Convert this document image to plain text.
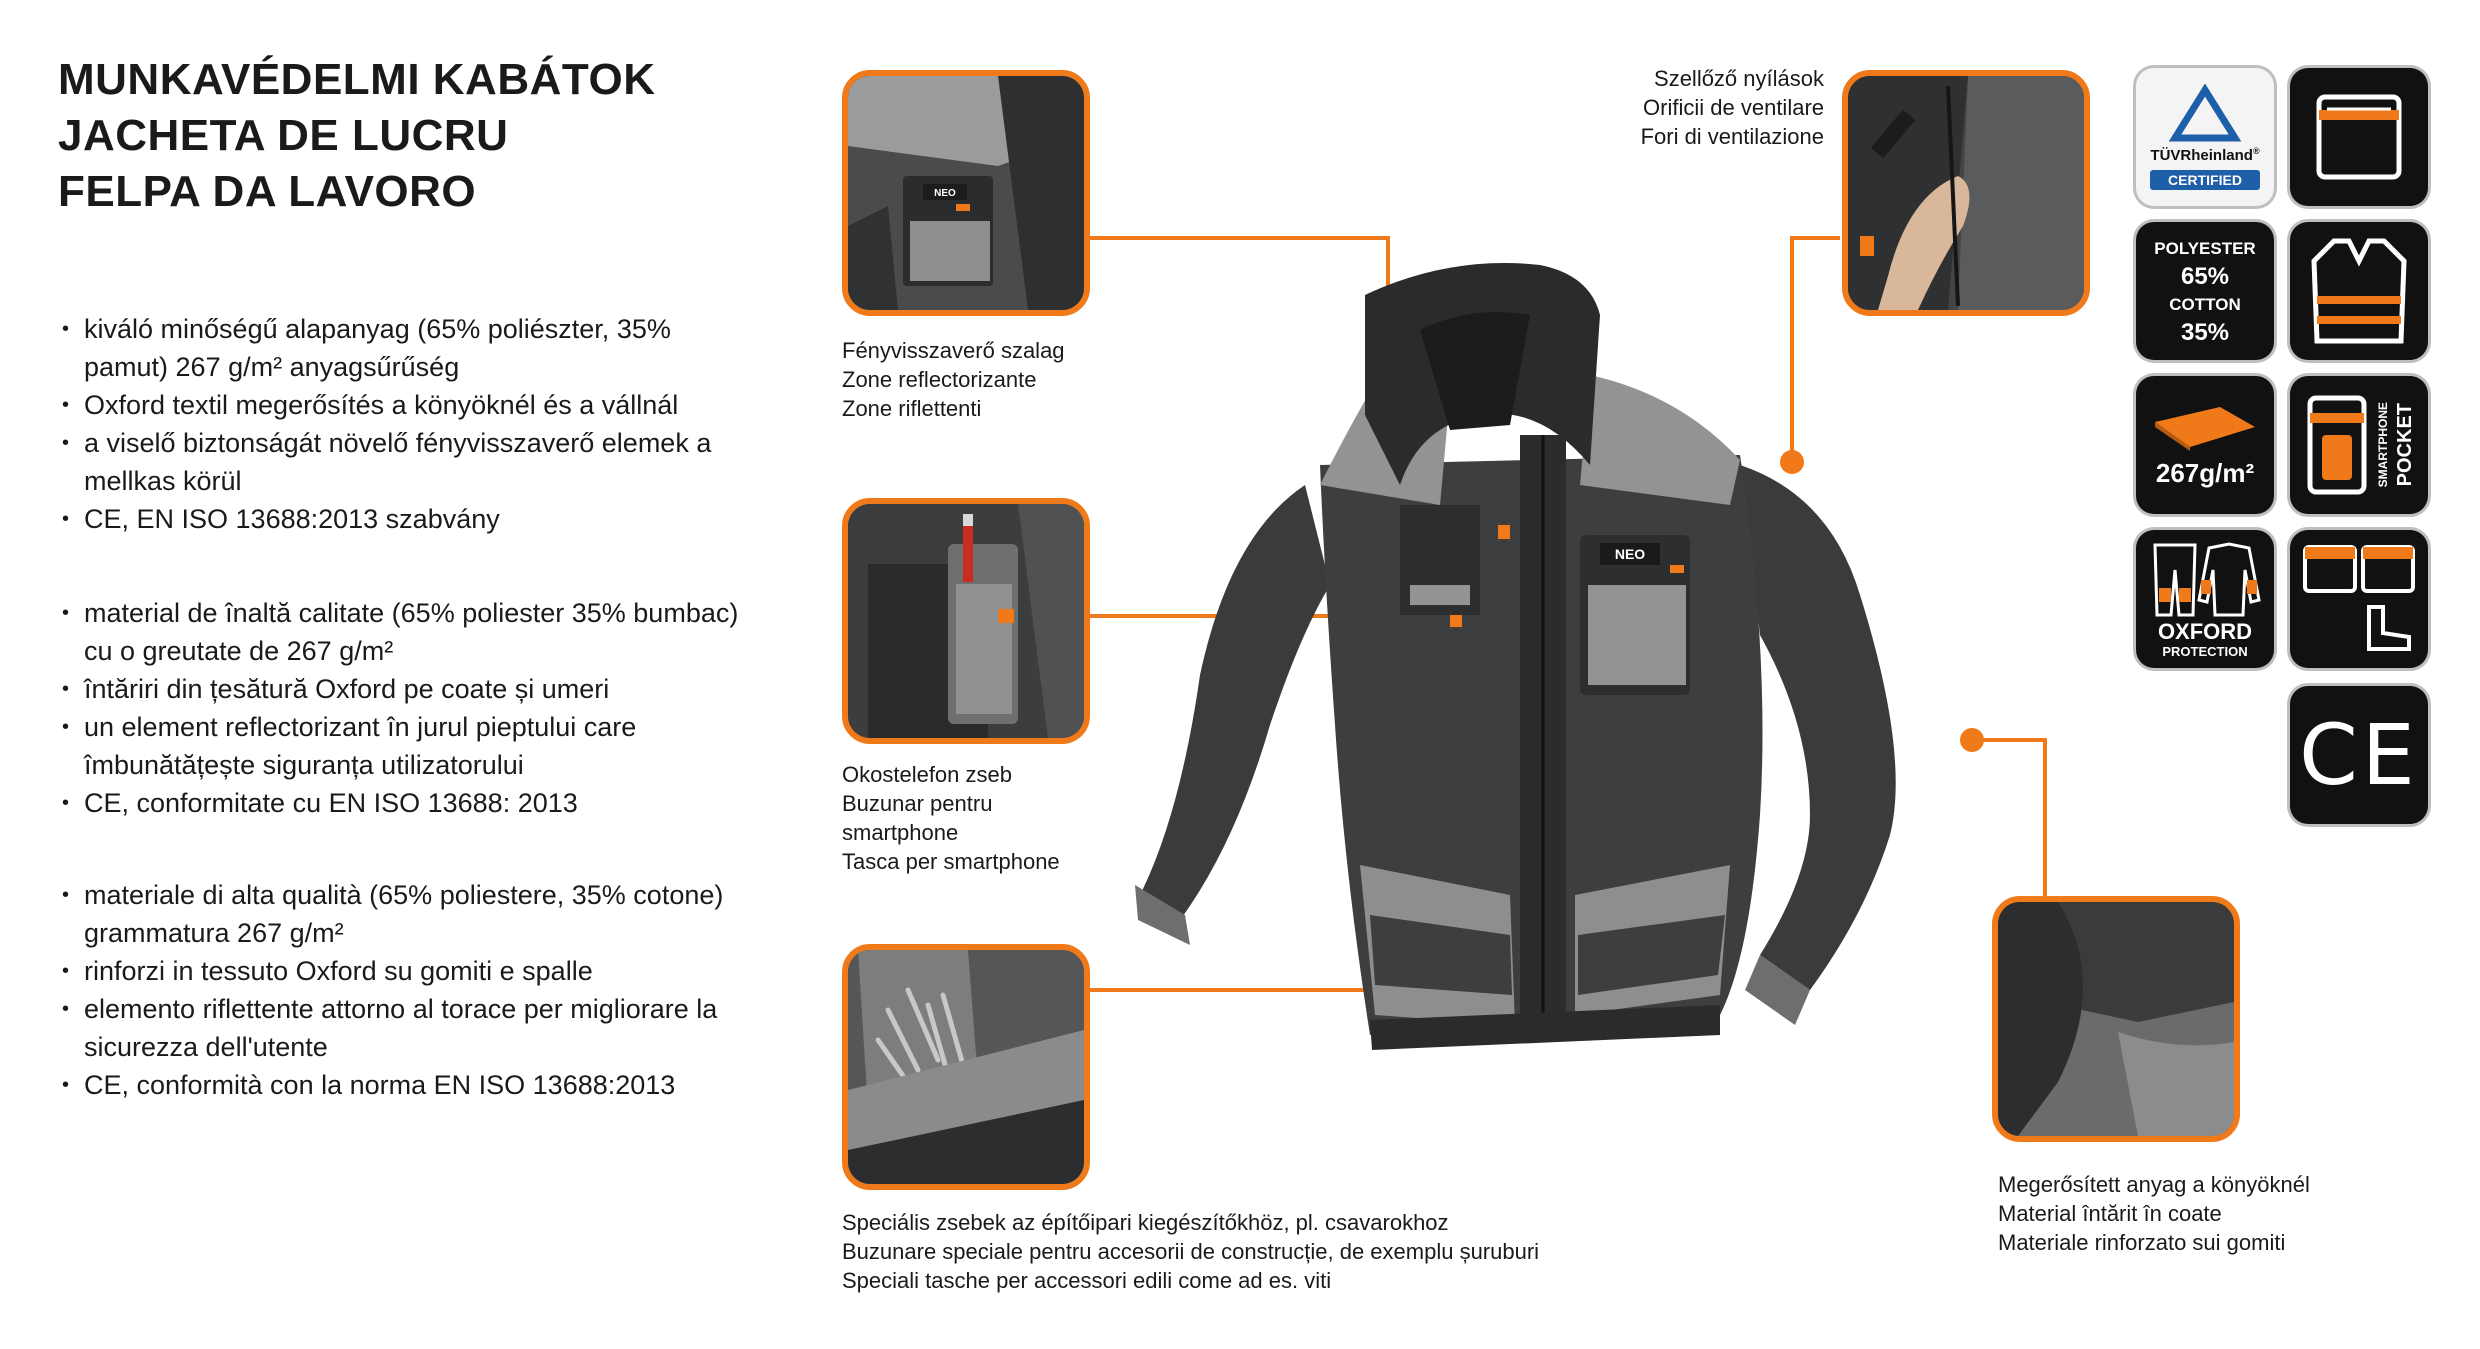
MUNKAVÉDELMI KABÁTOK
JACHETA DE LUCRU
FELPA DA LAVORO
• kiváló minőségű alapanyag (65% poliészter, 35% pamut) 267 g/m² anyagsűrűség
• Oxford textil megerősítés a könyöknél és a vállnál
• a viselő biztonságát növelő fényvisszaverő elemek a mellkas körül
• CE, EN ISO 13688:2013 szabvány
• material de înaltă calitate (65% poliester 35% bumbac) cu o greutate de 267 g/m²
• întăriri din țesătură Oxford pe coate și umeri
• un element reflectorizant în jurul pieptului care îmbunătățește siguranța utilizatorului
• CE, conformitate cu EN ISO 13688: 2013
• materiale di alta qualità (65% poliestere, 35% cotone) grammatura 267 g/m²
• rinforzi in tessuto Oxford su gomiti e spalle
• elemento riflettente attorno al torace per migliorare la sicurezza dell'utente
• CE, conformità con la norma EN ISO 13688:2013
NEO
NEO
Fényvisszaverő szalag
Zone reflectorizante
Zone riflettenti
Okostelefon zseb
Buzunar pentru
smartphone
Tasca per smartphone
Speciális zsebek az építőipari kiegészítőkhöz, pl. csavarokhoz
Buzunare speciale pentru accesorii de construcție, de exemplu șuruburi
Speciali tasche per accessori edili come ad es. viti
Szellőző nyílások
Orificii de ventilare
Fori di ventilazione
Megerősített anyag a könyöknél
Material întărit în coate
Materiale rinforzato sui gomiti
TÜVRheinland®
CERTIFIED
POLYESTER
65%
COTTON
35%
267g/m²
OXFORD
PROTECTION
SMARTPHONE POCKET
CE
